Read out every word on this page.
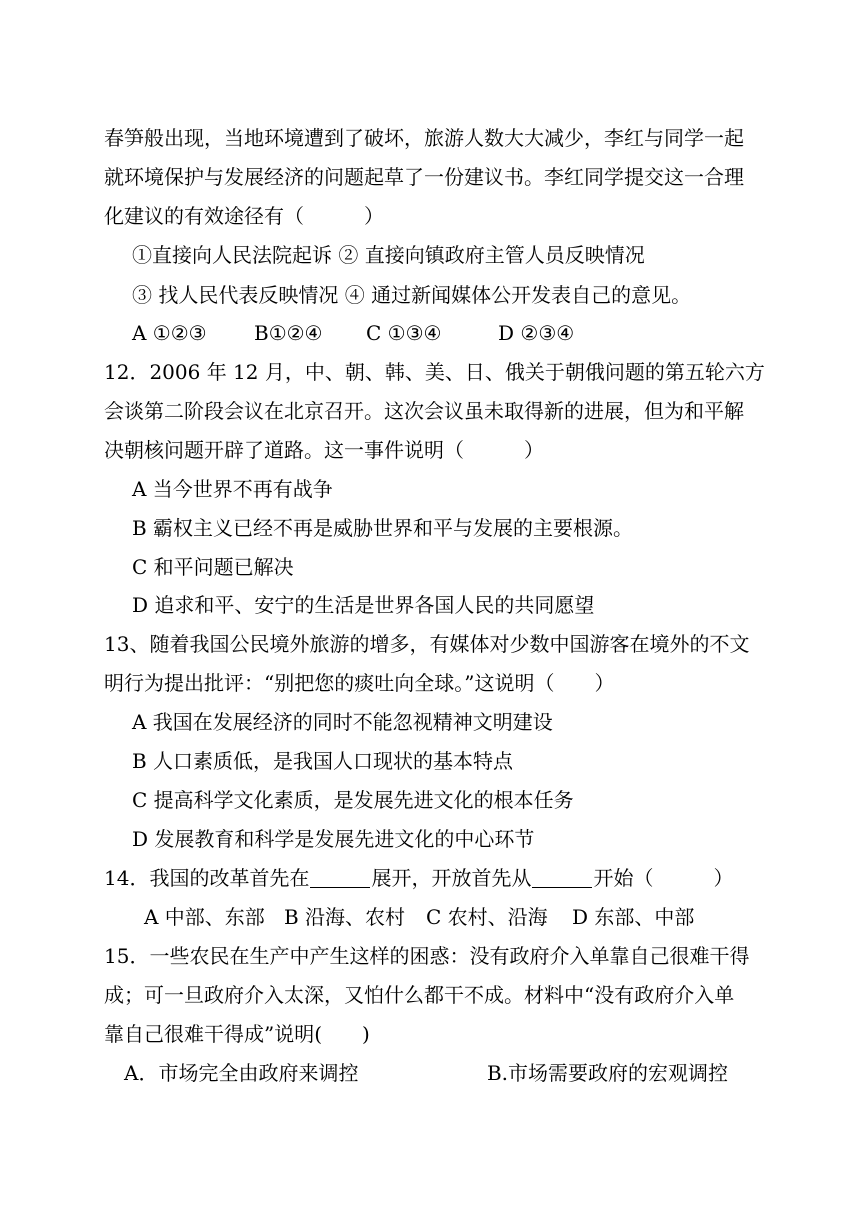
春笋般出现，当地环境遭到了破坏，旅游人数大大减少，李红与同学一起
就环境保护与发展经济的问题起草了一份建议书。李红同学提交这一合理
化建议的有效途径有（　　　）
①直接向人民法院起诉 ② 直接向镇政府主管人员反映情况
③ 找人民代表反映情况 ④ 通过新闻媒体公开发表自己的意见。
A ①②③ B①②④ C ①③④	D ②③④
12．2006 年 12 月，中、朝、韩、美、日、俄关于朝俄问题的第五轮六方
会谈第二阶段会议在北京召开。这次会议虽未取得新的进展，但为和平解
决朝核问题开辟了道路。这一事件说明（　　　）
A 当今世界不再有战争
B 霸权主义已经不再是威胁世界和平与发展的主要根源。
C 和平问题已解决
D 追求和平、安宁的生活是世界各国人民的共同愿望
13、随着我国公民境外旅游的增多，有媒体对少数中国游客在境外的不文
明行为提出批评：“别把您的痰吐向全球。”这说明（　　）
A 我国在发展经济的同时不能忽视精神文明建设
B 人口素质低，是我国人口现状的基本特点
C 提高科学文化素质，是发展先进文化的根本任务
D 发展教育和科学是发展先进文化的中心环节
14．我国的改革首先在	展开，开放首先从	开始（　　　）
A 中部、东部 B 沿海、农村 C 农村、沿海 D 东部、中部
15．一些农民在生产中产生这样的困惑：没有政府介入单靠自己很难干得
成；可一旦政府介入太深，又怕什么都干不成。材料中“没有政府介入单
靠自己很难干得成”说明(　　)
A．市场完全由政府来调控	B.市场需要政府的宏观调控
